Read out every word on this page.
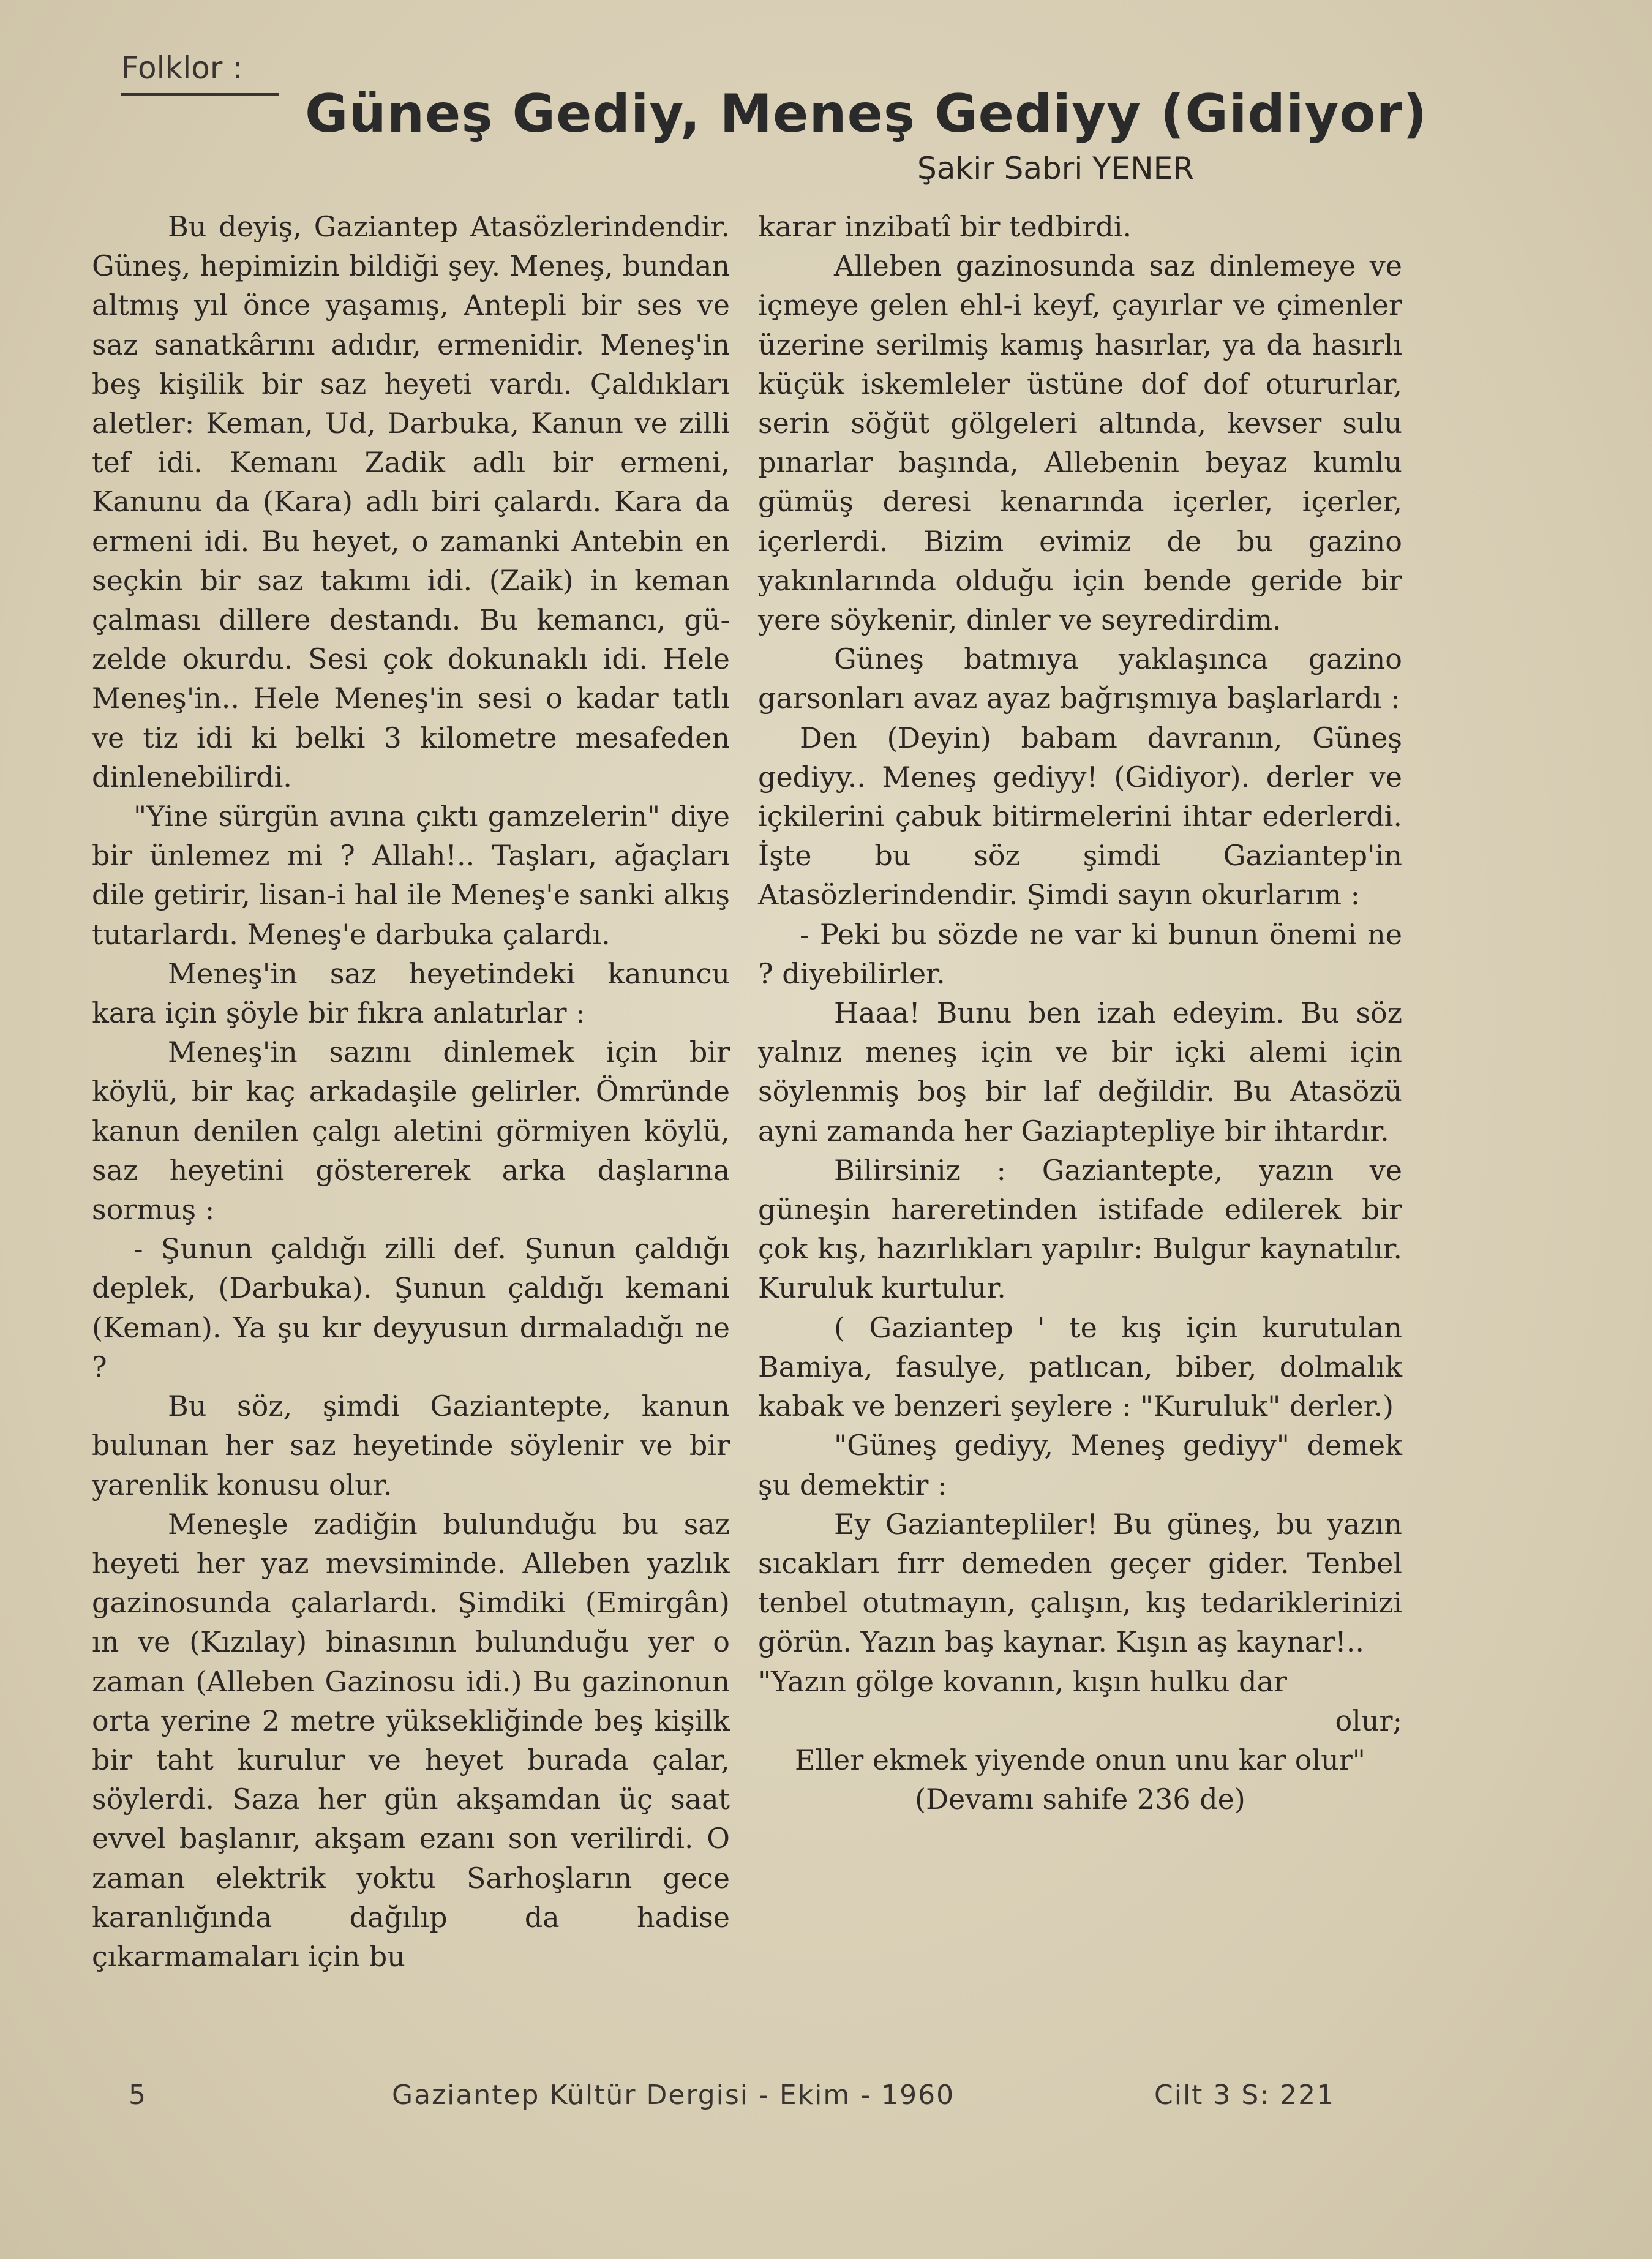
Folklor :
Güneş Gediy, Meneş Gediyy (Gidiyor)
Şakir Sabri YENER

Bu deyiş, Gaziantep Atasözlerindendir. Güneş, hepimizin bildiği şey. Meneş, bundan altmış yıl önce yaşamış, Antepli bir ses ve saz sanatkârını adıdır, ermenidir. Meneş'in beş kişilik bir saz heyeti vardı. Çaldıkları aletler: Keman, Ud, Darbuka, Kanun ve zilli tef idi. Kemanı Zadik adlı bir ermeni, Kanunu da (Kara) adlı biri çalardı. Kara da ermeni idi. Bu heyet, o zamanki Antebin en seçkin bir saz takımı idi. (Zaik) in keman çalması dillere destandı. Bu kemancı, güzelde okurdu. Sesi çok dokunaklı idi. Hele Meneş'in.. Hele Meneş'in sesi o kadar tatlı ve tiz idi ki belki 3 kilometre mesafeden dinlenebilirdi.

"Yine sürgün avına çıktı gamzelerin" diye bir ünlemez mi ? Allah!.. Taşları, ağaçları dile getirir, lisan-i hal ile Meneş'e sanki alkış tutarlardı. Meneş'e darbuka çalardı.

Meneş'in saz heyetindeki kanuncu kara için şöyle bir fıkra anlatırlar :

Meneş'in sazını dinlemek için bir köylü, bir kaç arkadaşile gelirler. Ömründe kanun denilen çalgı aletini görmiyen köylü, saz heyetini göstererek arka daşlarına sormuş :

- Şunun çaldığı zilli def. Şunun çaldığı deplek, (Darbuka). Şunun çaldığı kemani (Keman). Ya şu kır deyyusun dırmaladığı ne ?

Bu söz, şimdi Gaziantepte, kanun bulunan her saz heyetinde söylenir ve bir yarenlik konusu olur.

Meneşle zadiğin bulunduğu bu saz heyeti her yaz mevsiminde. Alleben yazlık gazinosunda çalarlardı. Şimdiki (Emirgân) ın ve (Kızılay) binasının bulunduğu yer o zaman (Alleben Gazinosu idi.) Bu gazinonun orta yerine 2 metre yüksekliğinde beş kişilk bir taht kurulur ve heyet burada çalar, söylerdi. Saza her gün akşamdan üç saat evvel başlanır, akşam ezanı son verilirdi. O zaman elektrik yoktu Sarhoşların gece karanlığında dağılıp da hadise çıkarmamaları için bu

karar inzibatî bir tedbirdi.

Alleben gazinosunda saz dinlemeye ve içmeye gelen ehl-i keyf, çayırlar ve çimenler üzerine serilmiş kamış hasırlar, ya da hasırlı küçük iskemleler üstüne dof dof otururlar, serin söğüt gölgeleri altında, kevser sulu pınarlar başında, Allebenin beyaz kumlu gümüş deresi kenarında içerler, içerler, içerlerdi. Bizim evimiz de bu gazino yakınlarında olduğu için bende geride bir yere söykenir, dinler ve seyredirdim.

Güneş batmıya yaklaşınca gazino garsonları avaz ayaz bağrışmıya başlarlardı :

Den (Deyin) babam davranın, Güneş gediyy.. Meneş gediyy! (Gidiyor). derler ve içkilerini çabuk bitirmelerini ihtar ederlerdi. İşte bu söz şimdi Gaziantep'in Atasözlerindendir. Şimdi sayın okurlarım :

- Peki bu sözde ne var ki bunun önemi ne ? diyebilirler.

Haaa! Bunu ben izah edeyim. Bu söz yalnız meneş için ve bir içki alemi için söylenmiş boş bir laf değildir. Bu Atasözü ayni zamanda her Gaziaptepliye bir ihtardır.

Bilirsiniz : Gaziantepte, yazın ve güneşin hareretinden istifade edilerek bir çok kış, hazırlıkları yapılır: Bulgur kaynatılır. Kuruluk kurtulur.

( Gaziantep ' te kış için kurutulan Bamiya, fasulye, patlıcan, biber, dolmalık kabak ve benzeri şeylere : "Kuruluk" derler.)

"Güneş gediyy, Meneş gediyy" demek şu demektir :

Ey Gaziantepliler! Bu güneş, bu yazın sıcakları fırr demeden geçer gider. Tenbel tenbel otutmayın, çalışın, kış tedariklerinizi görün. Yazın baş kaynar. Kışın aş kaynar!..

"Yazın gölge kovanın, kışın hulku dar

olur;

Eller ekmek yiyende onun unu kar olur"

(Devamı sahife 236 de)

5	Gaziantep Kültür Dergisi - Ekim - 1960	Cilt 3 S: 221
